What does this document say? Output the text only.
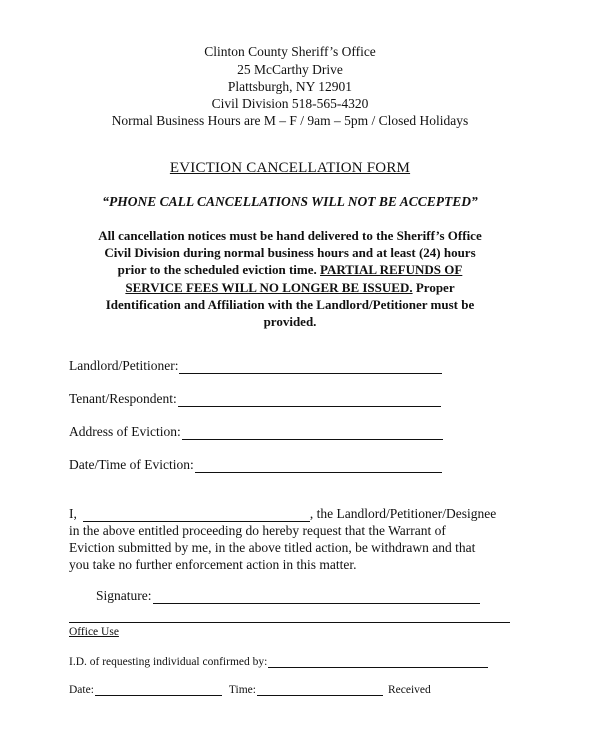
Clinton County Sheriff’s Office
25 McCarthy Drive
Plattsburgh, NY 12901
Civil Division 518-565-4320
Normal Business Hours are M – F / 9am – 5pm / Closed Holidays
EVICTION CANCELLATION FORM
“PHONE CALL CANCELLATIONS WILL NOT BE ACCEPTED”
All cancellation notices must be hand delivered to the Sheriff’s Office
Civil Division during normal business hours and at least (24) hours
prior to the scheduled eviction time. PARTIAL REFUNDS OF
SERVICE FEES WILL NO LONGER BE ISSUED. Proper
Identification and Affiliation with the Landlord/Petitioner must be
provided.
Landlord/Petitioner:
Tenant/Respondent:
Address of Eviction:
Date/Time of Eviction:
I,	, the Landlord/Petitioner/Designee
in the above entitled proceeding do hereby request that the Warrant of
Eviction submitted by me, in the above titled action, be withdrawn and that
you take no further enforcement action in this matter.
Signature:
Office Use
I.D. of requesting individual confirmed by:
Date:	Time:	Received
